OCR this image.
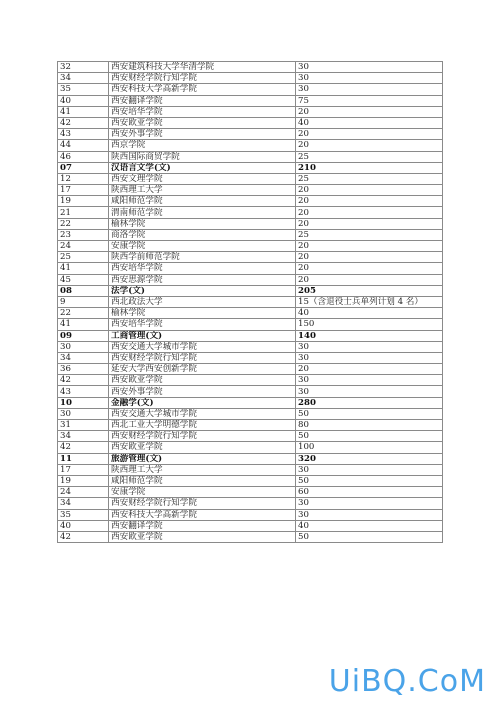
32	西安建筑科技大学华清学院	30
34	西安财经学院行知学院	30
35	西安科技大学高新学院	30
40	西安翻译学院	75
41	西安培华学院	20
42	西安欧亚学院	40
43	西安外事学院	20
44	西京学院	20
46	陕西国际商贸学院	25
07	汉语言文学(文)	210
12	西安文理学院	25
17	陕西理工大学	20
19	咸阳师范学院	20
21	渭南师范学院	20
22	榆林学院	20
23	商洛学院	25
24	安康学院	20
25	陕西学前师范学院	20
41	西安培华学院	20
45	西安思源学院	20
08	法学(文)	205
9	西北政法大学	15（含退役士兵单列计划 4 名）
22	榆林学院	40
41	西安培华学院	150
09	工商管理(文)	140
30	西安交通大学城市学院	30
34	西安财经学院行知学院	30
36	延安大学西安创新学院	20
42	西安欧亚学院	30
43	西安外事学院	30
10	金融学(文)	280
30	西安交通大学城市学院	50
31	西北工业大学明德学院	80
34	西安财经学院行知学院	50
42	西安欧亚学院	100
11	旅游管理(文)	320
17	陕西理工大学	30
19	咸阳师范学院	50
24	安康学院	60
34	西安财经学院行知学院	30
35	西安科技大学高新学院	30
40	西安翻译学院	40
42	西安欧亚学院	50
UiBQ.CoM
